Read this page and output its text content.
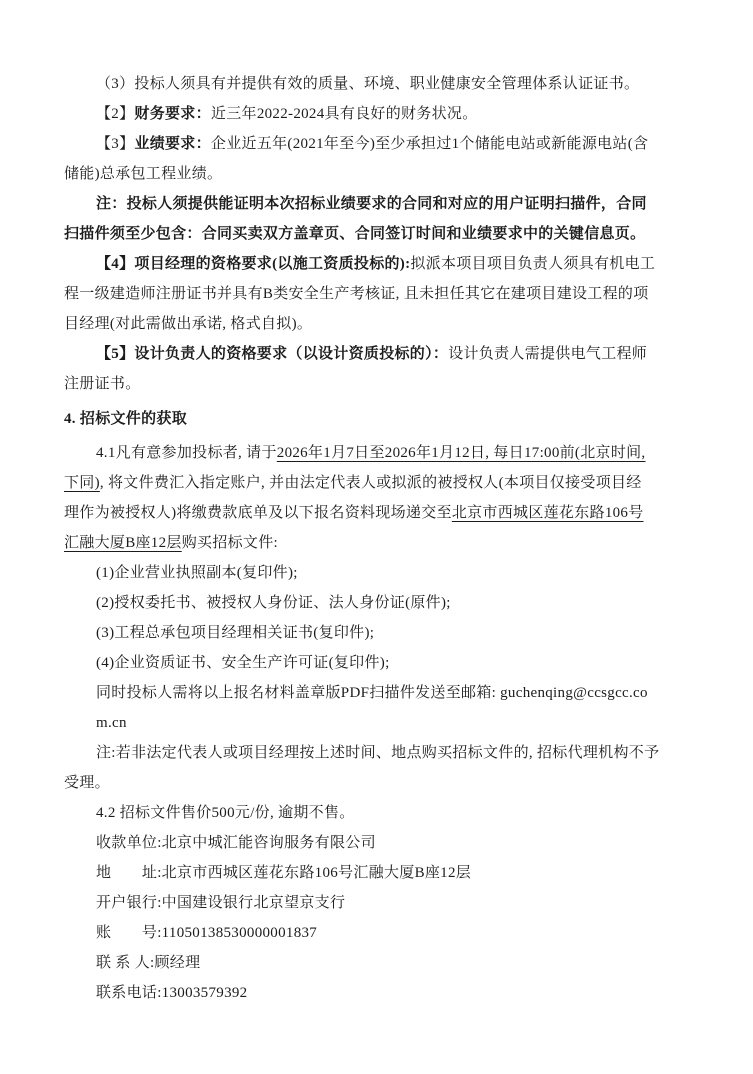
（3）投标人须具有并提供有效的质量、环境、职业健康安全管理体系认证证书。
【2】财务要求：近三年2022-2024具有良好的财务状况。
【3】业绩要求：企业近五年(2021年至今)至少承担过1个储能电站或新能源电站(含
储能)总承包工程业绩。
注：投标人须提供能证明本次招标业绩要求的合同和对应的用户证明扫描件，合同
扫描件须至少包含：合同买卖双方盖章页、合同签订时间和业绩要求中的关键信息页。
【4】项目经理的资格要求(以施工资质投标的):拟派本项目项目负责人须具有机电工
程一级建造师注册证书并具有B类安全生产考核证, 且未担任其它在建项目建设工程的项
目经理(对此需做出承诺, 格式自拟)。
【5】设计负责人的资格要求（以设计资质投标的）：设计负责人需提供电气工程师
注册证书。
4. 招标文件的获取
4.1凡有意参加投标者, 请于2026年1月7日至2026年1月12日, 每日17:00前(北京时间,
下同), 将文件费汇入指定账户, 并由法定代表人或拟派的被授权人(本项目仅接受项目经
理作为被授权人)将缴费款底单及以下报名资料现场递交至北京市西城区莲花东路106号
汇融大厦B座12层购买招标文件:
(1)企业营业执照副本(复印件);
(2)授权委托书、被授权人身份证、法人身份证(原件);
(3)工程总承包项目经理相关证书(复印件);
(4)企业资质证书、安全生产许可证(复印件);
同时投标人需将以上报名材料盖章版PDF扫描件发送至邮箱: guchenqing@ccsgcc.co
m.cn
注:若非法定代表人或项目经理按上述时间、地点购买招标文件的, 招标代理机构不予
受理。
4.2 招标文件售价500元/份, 逾期不售。
收款单位:北京中城汇能咨询服务有限公司
地　　址:北京市西城区莲花东路106号汇融大厦B座12层
开户银行:中国建设银行北京望京支行
账　　号:11050138530000001837
联 系 人:顾经理
联系电话:13003579392
